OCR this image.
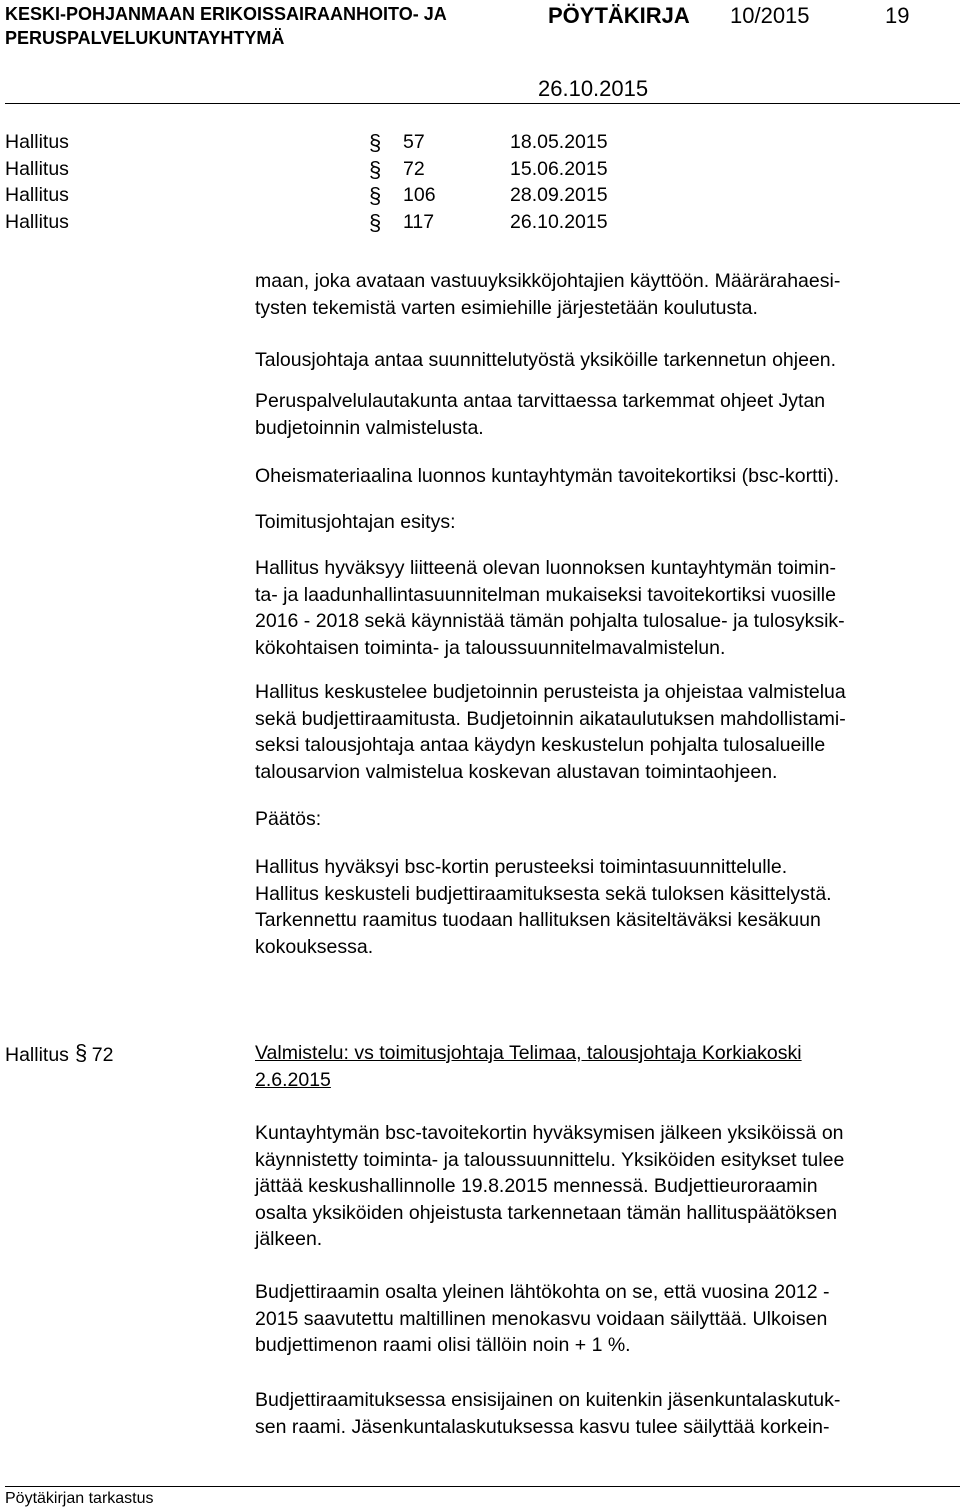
KESKI-POHJANMAAN ERIKOISSAIRAANHOITO- JA
PERUSPALVELUKUNTAYHTYMÄ
PÖYTÄKIRJA 10/2015	19
26.10.2015
Hallitus	§ 57	18.05.2015
Hallitus	§ 72	15.06.2015
Hallitus	§ 106	28.09.2015
Hallitus	§ 117	26.10.2015
maan, joka avataan vastuuyksikköjohtajien käyttöön. Määrärahaesi-
tysten tekemistä varten esimiehille järjestetään koulutusta.
Talousjohtaja antaa suunnittelutyöstä yksiköille tarkennetun ohjeen.
Peruspalvelulautakunta antaa tarvittaessa tarkemmat ohjeet Jytan
budjetoinnin valmistelusta.
Oheismateriaalina luonnos kuntayhtymän tavoitekortiksi (bsc-kortti).
Toimitusjohtajan esitys:
Hallitus hyväksyy liitteenä olevan luonnoksen kuntayhtymän toimin-
ta- ja laadunhallintasuunnitelman mukaiseksi tavoitekortiksi vuosille
2016 - 2018 sekä käynnistää tämän pohjalta tulosalue- ja tulosyksik-
kökohtaisen toiminta- ja taloussuunnitelmavalmistelun.
Hallitus keskustelee budjetoinnin perusteista ja ohjeistaa valmistelua
sekä budjettiraamitusta. Budjetoinnin aikataulutuksen mahdollistami-
seksi talousjohtaja antaa käydyn keskustelun pohjalta tulosalueille
talousarvion valmistelua koskevan alustavan toimintaohjeen.
Päätös:
Hallitus hyväksyi bsc-kortin perusteeksi toimintasuunnittelulle.
Hallitus keskusteli budjettiraamituksesta sekä tuloksen käsittelystä.
Tarkennettu raamitus tuodaan hallituksen käsiteltäväksi kesäkuun
kokouksessa.
Hallitus § 72	Valmistelu: vs toimitusjohtaja Telimaa, talousjohtaja Korkiakoski
2.6.2015
Kuntayhtymän bsc-tavoitekortin hyväksymisen jälkeen yksiköissä on
käynnistetty toiminta- ja taloussuunnittelu. Yksiköiden esitykset tulee
jättää keskushallinnolle 19.8.2015 mennessä. Budjettieuroraamin
osalta yksiköiden ohjeistusta tarkennetaan tämän hallituspäätöksen
jälkeen.
Budjettiraamin osalta yleinen lähtökohta on se, että vuosina 2012 -
2015 saavutettu maltillinen menokasvu voidaan säilyttää. Ulkoisen
budjettimenon raami olisi tällöin noin + 1 %.
Budjettiraamituksessa ensisijainen on kuitenkin jäsenkuntalaskutuk-
sen raami. Jäsenkuntalaskutuksessa kasvu tulee säilyttää korkein-
Pöytäkirjan tarkastus
